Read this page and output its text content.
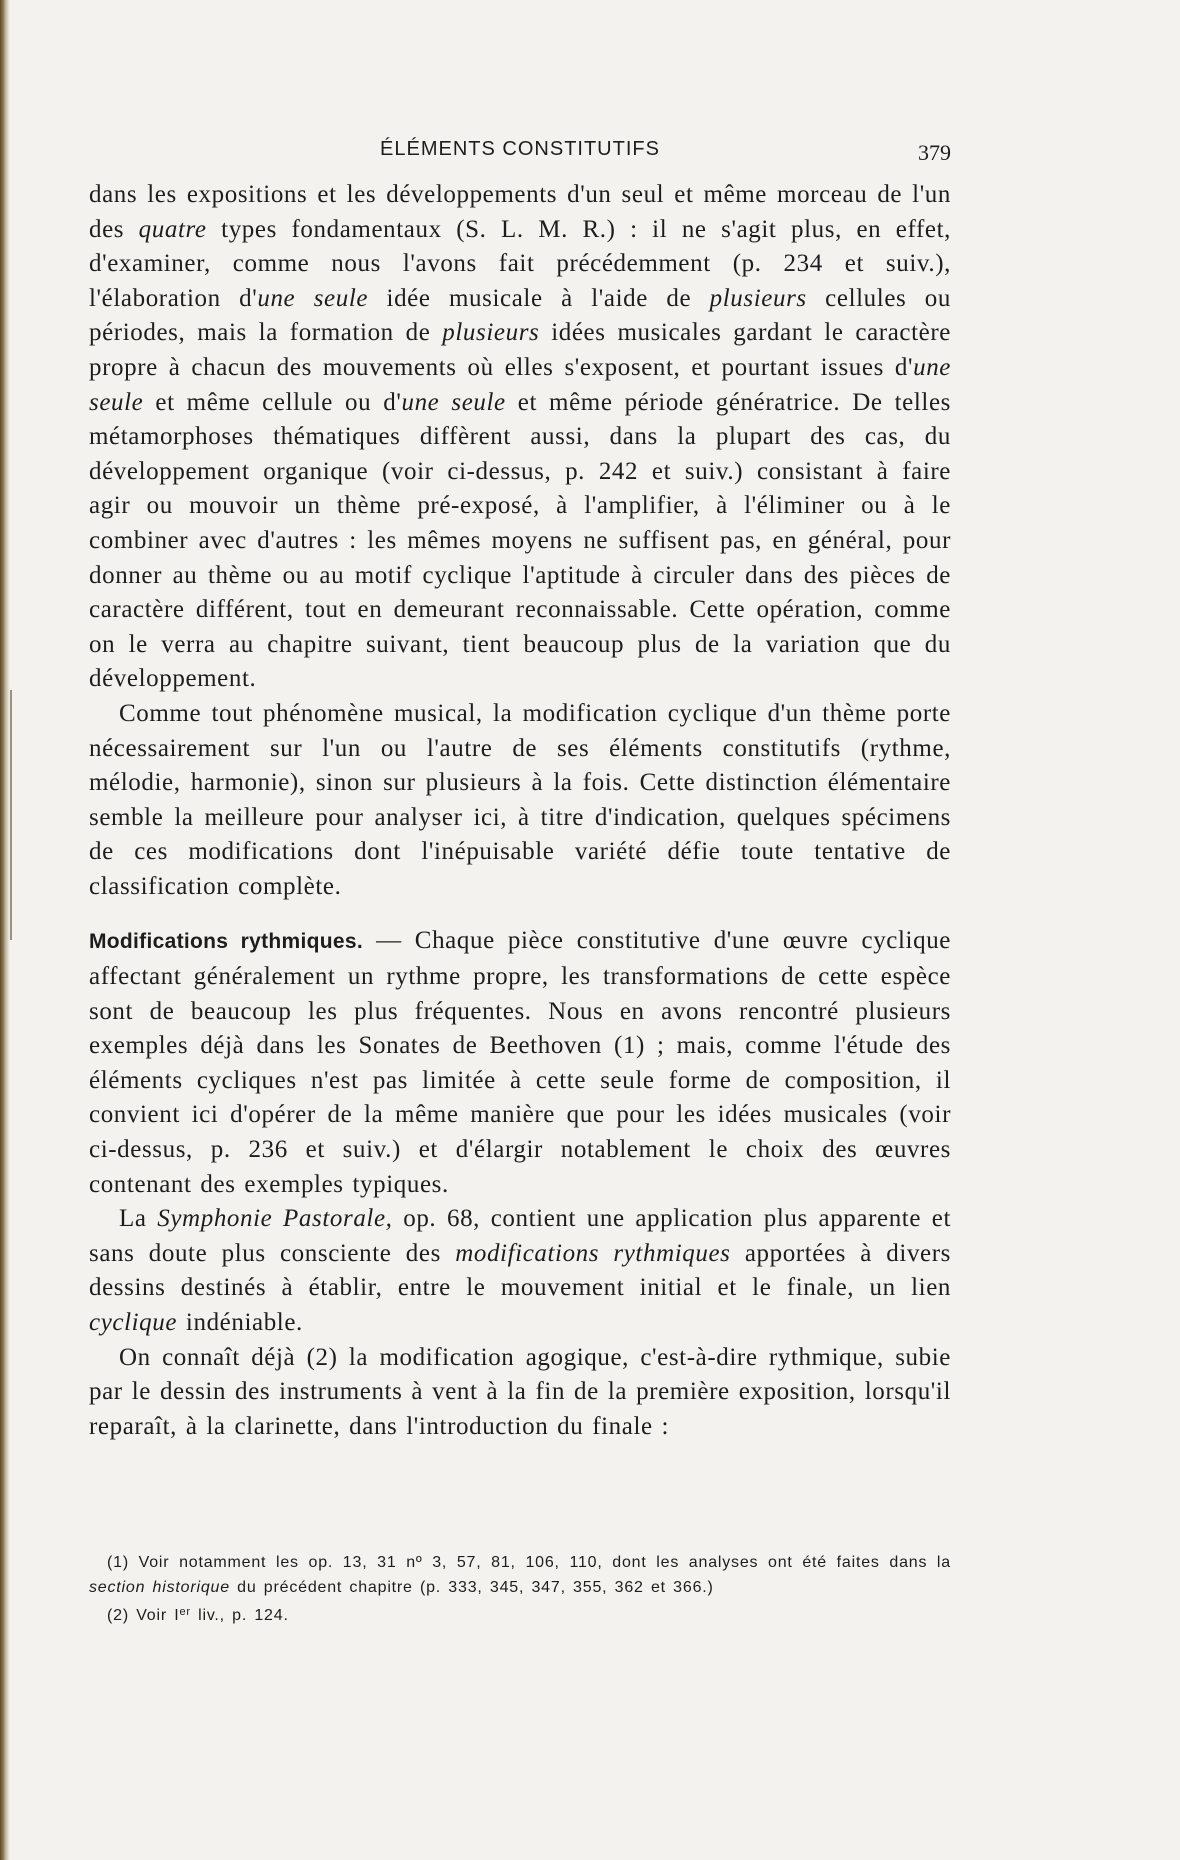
ÉLÉMENTS CONSTITUTIFS	379

dans les expositions et les développements d'un seul et même morceau de l'un des quatre types fondamentaux (S. L. M. R.) : il ne s'agit plus, en effet, d'examiner, comme nous l'avons fait précédemment (p. 234 et suiv.), l'élaboration d'une seule idée musicale à l'aide de plusieurs cellules ou périodes, mais la formation de plusieurs idées musicales gardant le caractère propre à chacun des mouvements où elles s'exposent, et pourtant issues d'une seule et même cellule ou d'une seule et même période génératrice. De telles métamorphoses thématiques diffèrent aussi, dans la plupart des cas, du développement organique (voir ci-dessus, p. 242 et suiv.) consistant à faire agir ou mouvoir un thème pré-exposé, à l'amplifier, à l'éliminer ou à le combiner avec d'autres : les mêmes moyens ne suffisent pas, en général, pour donner au thème ou au motif cyclique l'aptitude à circuler dans des pièces de caractère différent, tout en demeurant reconnaissable. Cette opération, comme on le verra au chapitre suivant, tient beaucoup plus de la variation que du développement.

Comme tout phénomène musical, la modification cyclique d'un thème porte nécessairement sur l'un ou l'autre de ses éléments constitutifs (rythme, mélodie, harmonie), sinon sur plusieurs à la fois. Cette distinction élémentaire semble la meilleure pour analyser ici, à titre d'indication, quelques spécimens de ces modifications dont l'inépuisable variété défie toute tentative de classification complète.

Modifications rythmiques. — Chaque pièce constitutive d'une œuvre cyclique affectant généralement un rythme propre, les transformations de cette espèce sont de beaucoup les plus fréquentes. Nous en avons rencontré plusieurs exemples déjà dans les Sonates de Beethoven (1) ; mais, comme l'étude des éléments cycliques n'est pas limitée à cette seule forme de composition, il convient ici d'opérer de la même manière que pour les idées musicales (voir ci-dessus, p. 236 et suiv.) et d'élargir notablement le choix des œuvres contenant des exemples typiques.

La Symphonie Pastorale, op. 68, contient une application plus apparente et sans doute plus consciente des modifications rythmiques apportées à divers dessins destinés à établir, entre le mouvement initial et le finale, un lien cyclique indéniable.

On connaît déjà (2) la modification agogique, c'est-à-dire rythmique, subie par le dessin des instruments à vent à la fin de la première exposition, lorsqu'il reparaît, à la clarinette, dans l'introduction du finale :

(1) Voir notamment les op. 13, 31 nº 3, 57, 81, 106, 110, dont les analyses ont été faites dans la section historique du précédent chapitre (p. 333, 345, 347, 355, 362 et 366.)

(2) Voir Ier liv., p. 124.
